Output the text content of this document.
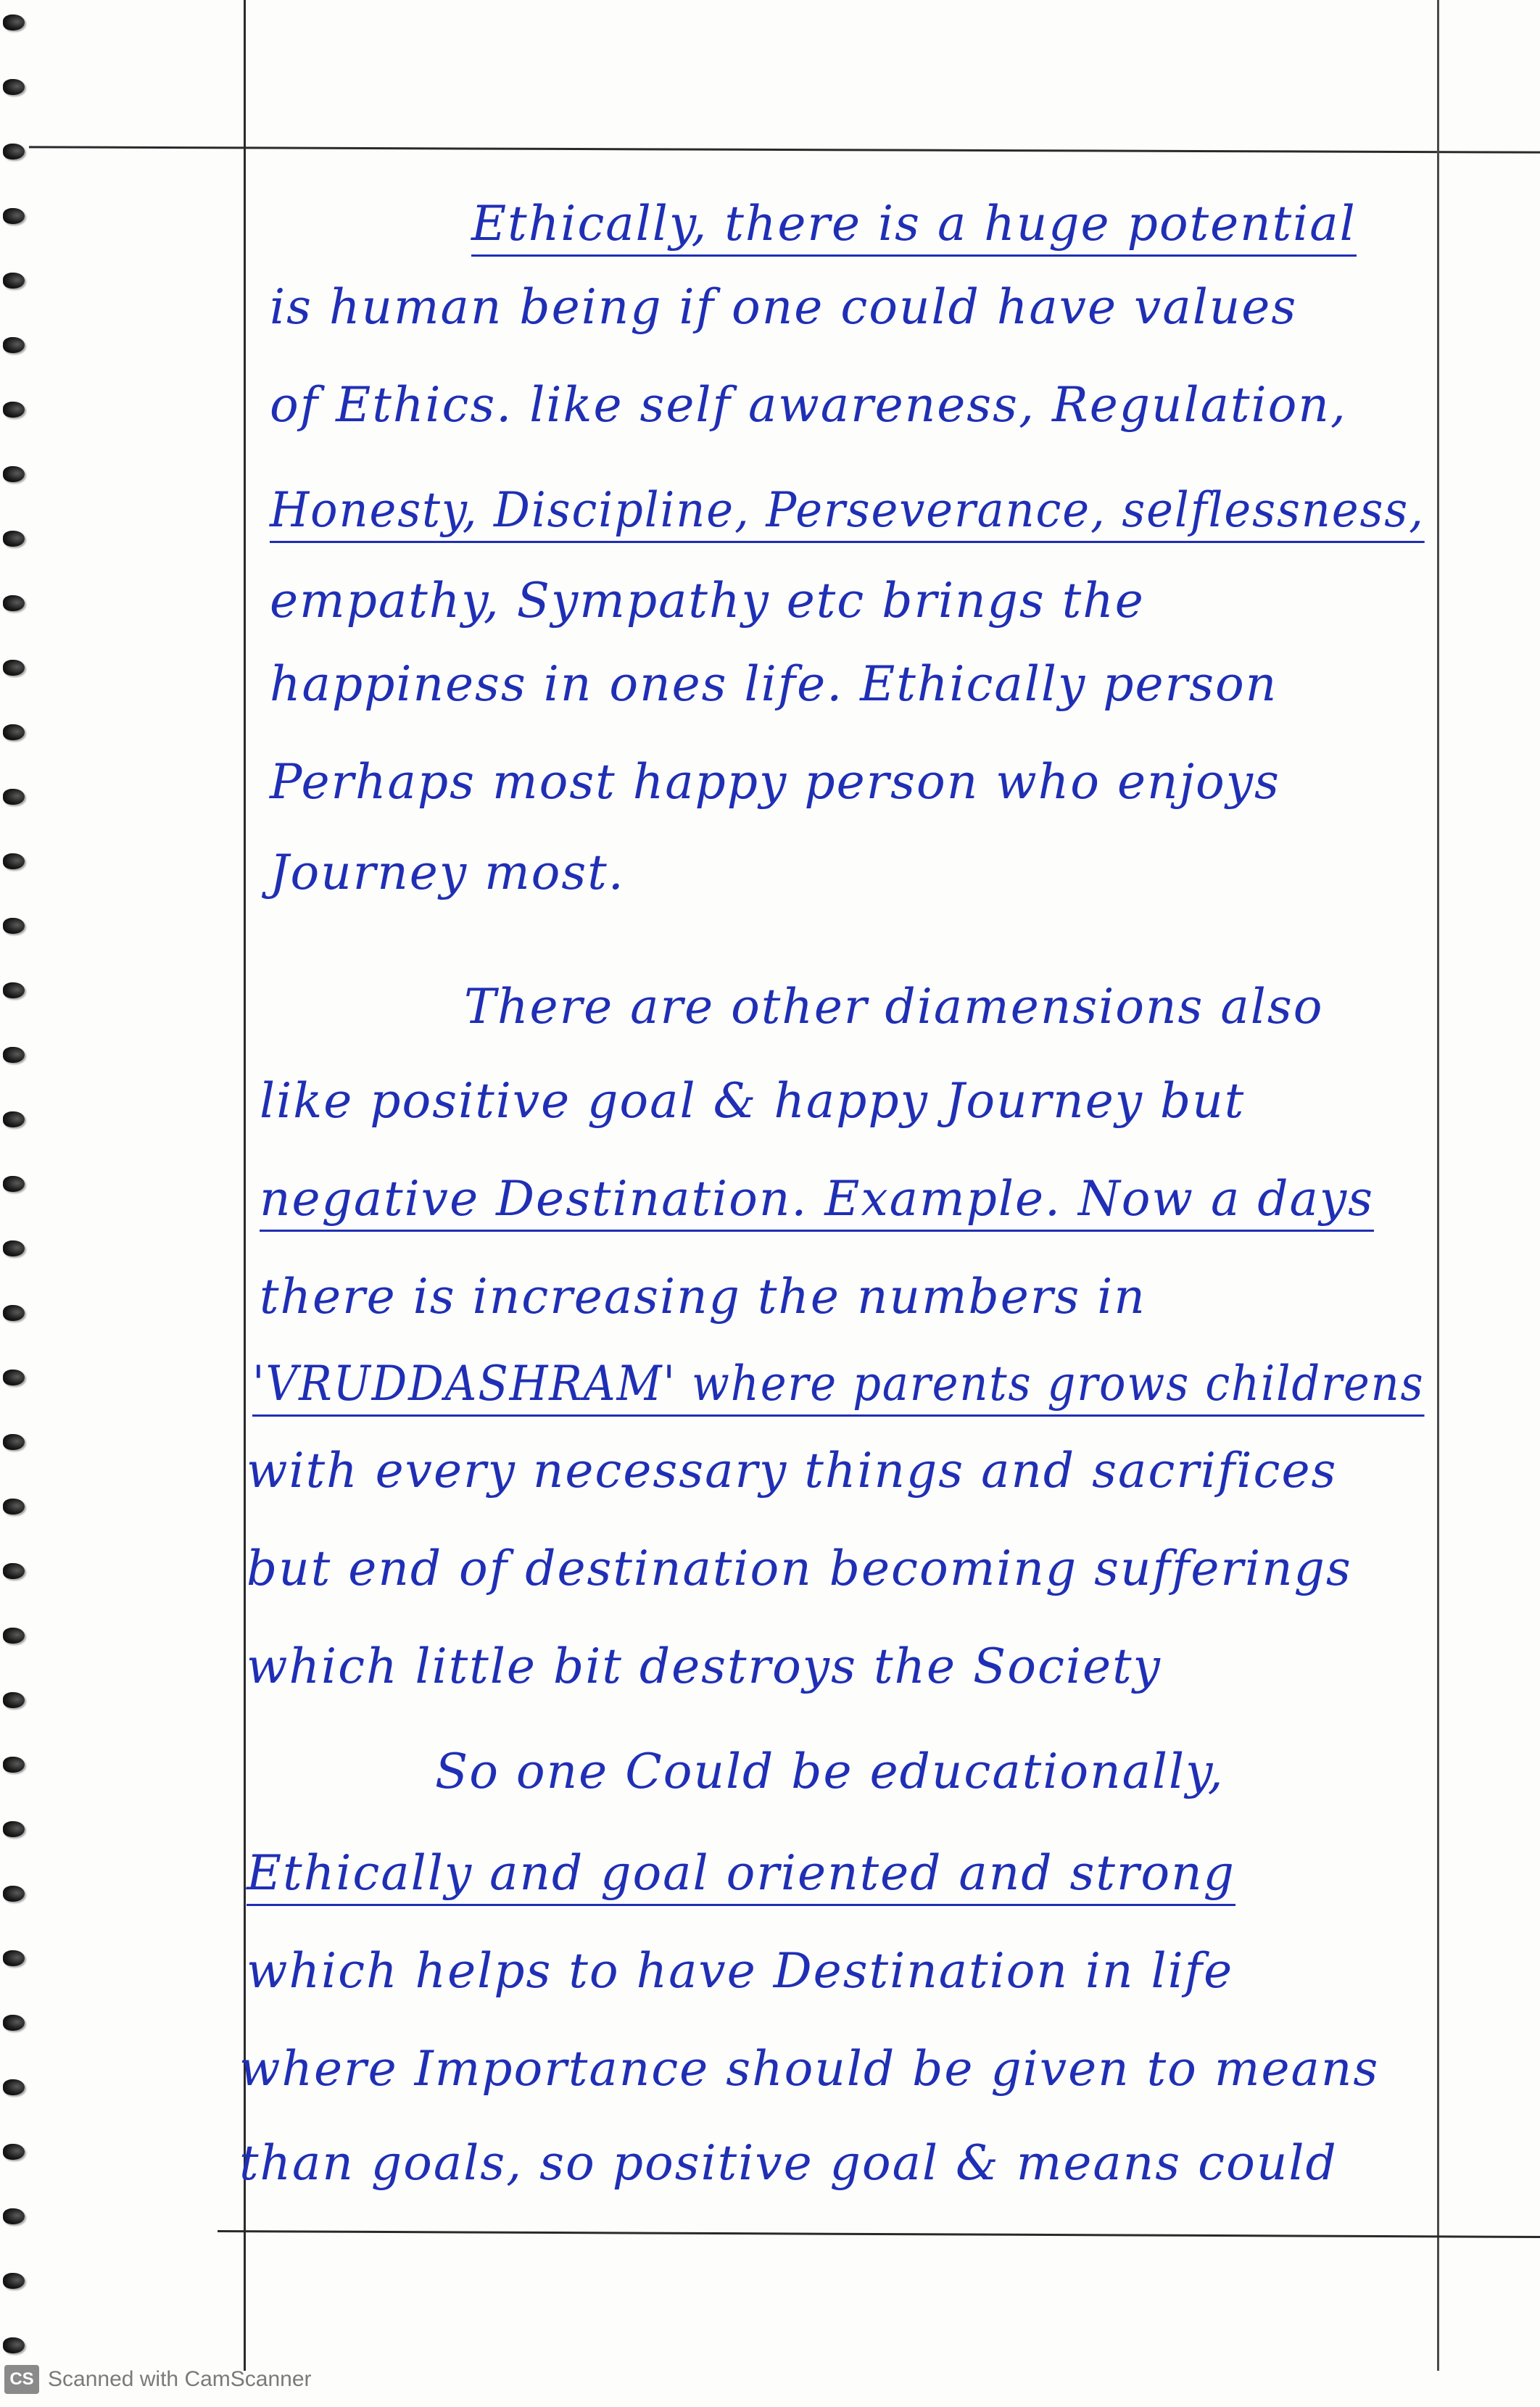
Ethically, there is a huge potential

is human being if one could have values

of Ethics. like self awareness, Regulation,

Honesty, Discipline, Perseverance, selflessness,

empathy, Sympathy etc brings the

happiness in ones life. Ethically person

Perhaps most happy person who enjoys

Journey most.

There are other diamensions also

like positive goal & happy Journey but

negative Destination. Example. Now a days

there is increasing the numbers in

'VRUDDASHRAM' where parents grows childrens

with every necessary things and sacrifices

but end of destination becoming sufferings

which little bit destroys the Society

So one Could be educationally,

Ethically and goal oriented and strong

which helps to have Destination in life

where Importance should be given to means

than goals, so positive goal & means could

CS Scanned with CamScanner
